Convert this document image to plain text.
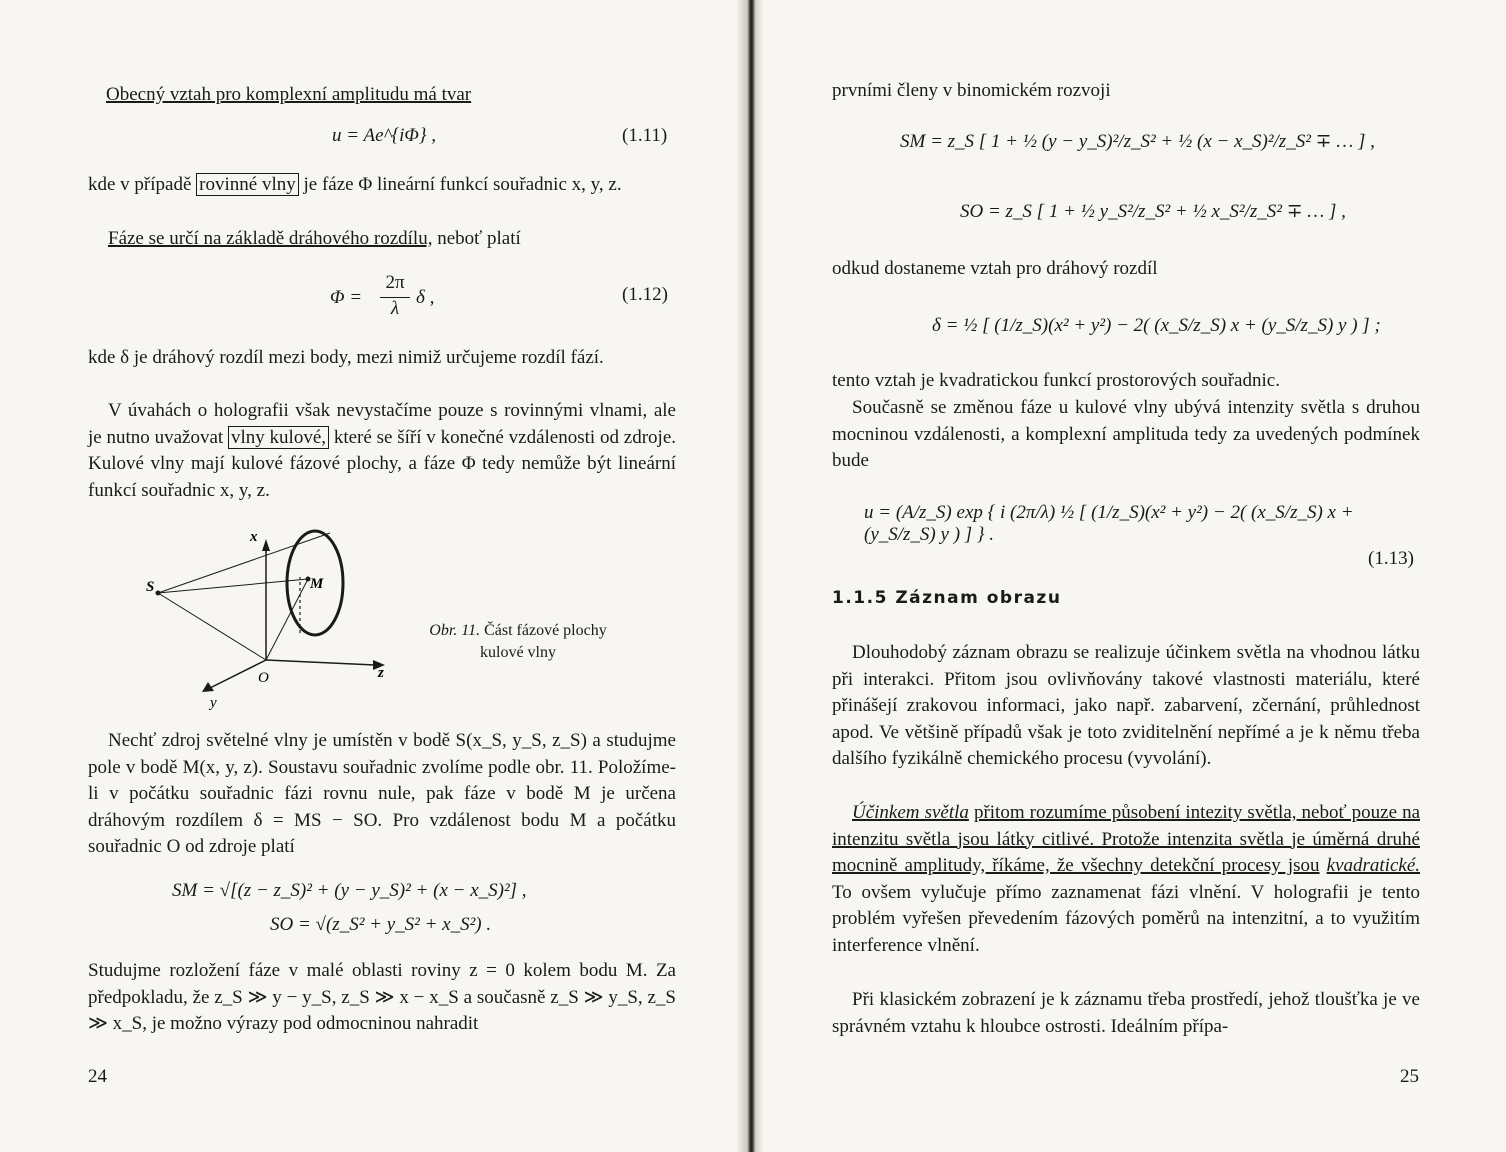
Obecný vztah pro komplexní amplitudu má tvar

u = Ae^{iΦ} ,	(1.11)

kde v případě rovinné vlny je fáze Φ lineární funkcí souřadnic x, y, z.

Fáze se určí na základě dráhového rozdílu, neboť platí

Φ =
2π
λ
δ ,	(1.12)

kde δ je dráhový rozdíl mezi body, mezi nimiž určujeme rozdíl fází.

V úvahách o holografii však nevystačíme pouze s rovinnými vlnami, ale je nutno uvažovat vlny kulové, které se šíří v konečné vzdálenosti od zdroje. Kulové vlny mají kulové fázové plochy, a fáze Φ tedy nemůže být lineární funkcí souřadnic x, y, z.

x
z
y
S	M
O
Obr. 11. Část fázové plochy kulové vlny

Nechť zdroj světelné vlny je umístěn v bodě S(x_S, y_S, z_S) a studujme pole v bodě M(x, y, z). Soustavu souřadnic zvolíme podle obr. 11. Položíme-li v počátku souřadnic fázi rovnu nule, pak fáze v bodě M je určena dráhovým rozdílem δ = MS − SO. Pro vzdálenost bodu M a počátku souřadnic O od zdroje platí

SM = √[(z − z_S)² + (y − y_S)² + (x − x_S)²] ,
SO = √(z_S² + y_S² + x_S²) .

Studujme rozložení fáze v malé oblasti roviny z = 0 kolem bodu M. Za předpokladu, že z_S ≫ y − y_S, z_S ≫ x − x_S a současně z_S ≫ y_S, z_S ≫ x_S, je možno výrazy pod odmocninou nahradit

24

prvními členy v binomickém rozvoji

SM = z_S [ 1 + ½ (y − y_S)²/z_S² + ½ (x − x_S)²/z_S² ∓ … ] ,
SO = z_S [ 1 + ½ y_S²/z_S² + ½ x_S²/z_S² ∓ … ] ,

odkud dostaneme vztah pro dráhový rozdíl

δ = ½ [ (1/z_S)(x² + y²) − 2( (x_S/z_S) x + (y_S/z_S) y ) ] ;

tento vztah je kvadratickou funkcí prostorových souřadnic.

Současně se změnou fáze u kulové vlny ubývá intenzity světla s druhou mocninou vzdálenosti, a komplexní amplituda tedy za uvedených podmínek bude

u = (A/z_S) exp { i (2π/λ) ½ [ (1/z_S)(x² + y²) − 2( (x_S/z_S) x + (y_S/z_S) y ) ] } .
(1.13)
1.1.5 Záznam obrazu

Dlouhodobý záznam obrazu se realizuje účinkem světla na vhodnou látku při interakci. Přitom jsou ovlivňovány takové vlastnosti materiálu, které přinášejí zrakovou informaci, jako např. zabarvení, zčernání, průhlednost apod. Ve většině případů však je toto zviditelnění nepřímé a je k němu třeba dalšího fyzikálně chemického procesu (vyvolání).

Účinkem světla přitom rozumíme působení intezity světla, neboť pouze na intenzitu světla jsou látky citlivé. Protože intenzita světla je úměrná druhé mocnině amplitudy, říkáme, že všechny detekční procesy jsou kvadratické. To ovšem vylučuje přímo zaznamenat fázi vlnění. V holografii je tento problém vyřešen převedením fázových poměrů na intenzitní, a to využitím interference vlnění.

Při klasickém zobrazení je k záznamu třeba prostředí, jehož tloušťka je ve správném vztahu k hloubce ostrosti. Ideálním přípa-

25
